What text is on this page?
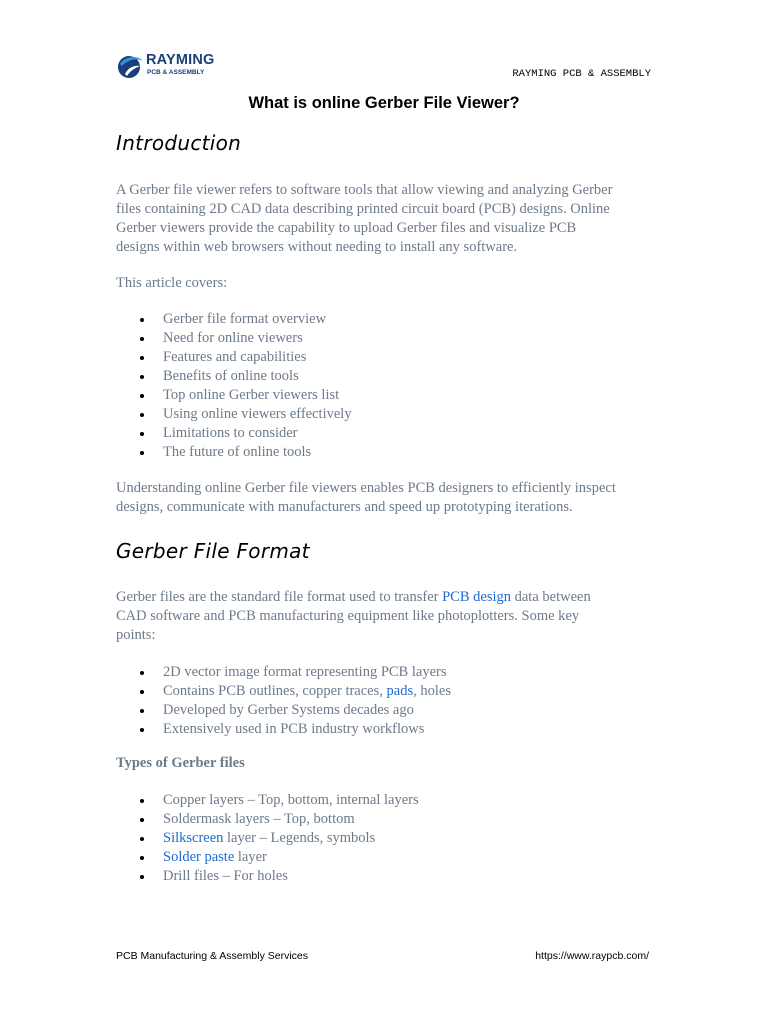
RAYMING
PCB & ASSEMBLY	RAYMING PCB & ASSEMBLY
What is online Gerber File Viewer?
Introduction
A Gerber file viewer refers to software tools that allow viewing and analyzing Gerber
files containing 2D CAD data describing printed circuit board (PCB) designs. Online
Gerber viewers provide the capability to upload Gerber files and visualize PCB
designs within web browsers without needing to install any software.
This article covers:
Gerber file format overview
Need for online viewers
Features and capabilities
Benefits of online tools
Top online Gerber viewers list
Using online viewers effectively
Limitations to consider
The future of online tools
Understanding online Gerber file viewers enables PCB designers to efficiently inspect
designs, communicate with manufacturers and speed up prototyping iterations.
Gerber File Format
Gerber files are the standard file format used to transfer PCB design data between
CAD software and PCB manufacturing equipment like photoplotters. Some key
points:
2D vector image format representing PCB layers
Contains PCB outlines, copper traces, pads, holes
Developed by Gerber Systems decades ago
Extensively used in PCB industry workflows
Types of Gerber files
Copper layers – Top, bottom, internal layers
Soldermask layers – Top, bottom
Silkscreen layer – Legends, symbols
Solder paste layer
Drill files – For holes
PCB Manufacturing & Assembly Services	https://www.raypcb.com/
